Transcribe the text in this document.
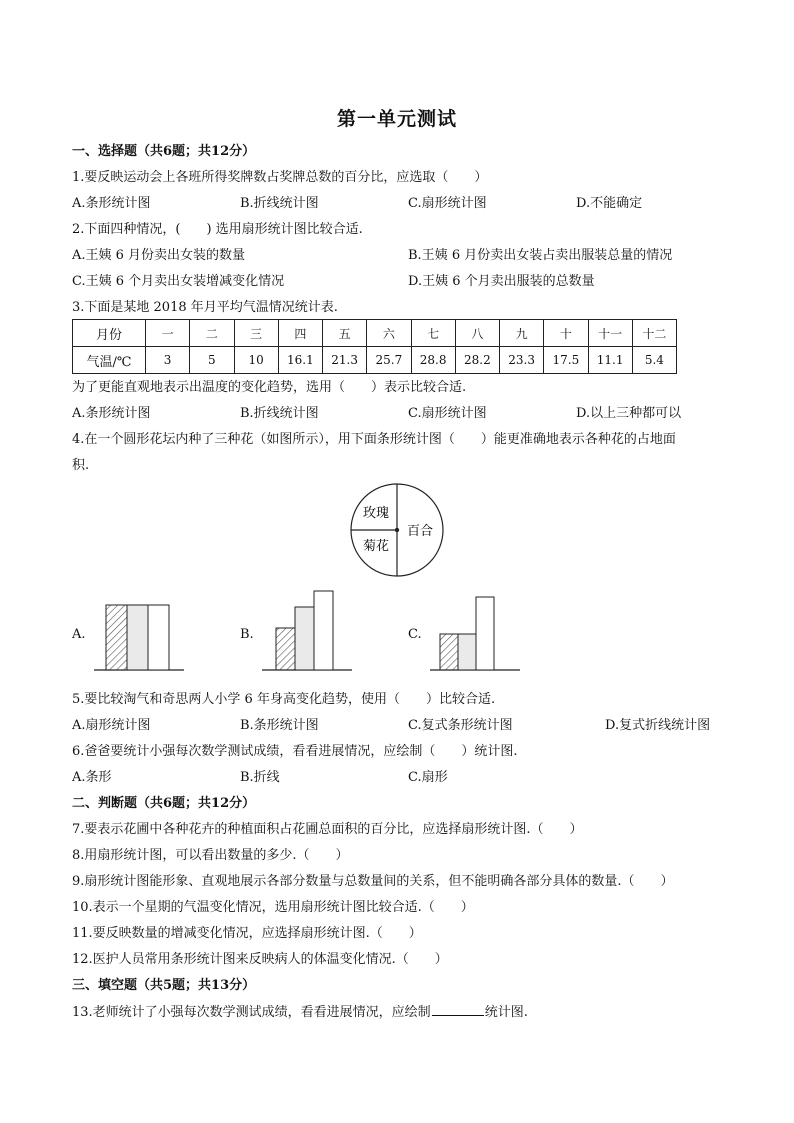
第一单元测试
一、选择题（共6题；共12分）
1.要反映运动会上各班所得奖牌数占奖牌总数的百分比，应选取（　　）
A.条形统计图	B.折线统计图	C.扇形统计图	D.不能确定
2.下面四种情况，(　　) 选用扇形统计图比较合适.
A.王姨 6 月份卖出女装的数量	B.王姨 6 月份卖出女装占卖出服装总量的情况
C.王姨 6 个月卖出女装增减变化情况	D.王姨 6 个月卖出服装的总数量
3.下面是某地 2018 年月平均气温情况统计表.
月份	一	二	三	四	五	六	七	八	九	十	十一	十二
气温/℃	3	5	10	16.1	21.3	25.7	28.8	28.2	23.3	17.5	11.1	5.4
为了更能直观地表示出温度的变化趋势，选用（　　）表示比较合适.
A.条形统计图	B.折线统计图	C.扇形统计图	D.以上三种都可以
4.在一个圆形花坛内种了三种花（如图所示），用下面条形统计图（　　）能更准确地表示各种花的占地面
积.
玫瑰
菊花
百合
A.	B.	C.
5.要比较淘气和奇思两人小学 6 年身高变化趋势，使用（　　）比较合适.
A.扇形统计图	B.条形统计图	C.复式条形统计图	D.复式折线统计图
6.爸爸要统计小强每次数学测试成绩，看看进展情况，应绘制（　　）统计图.
A.条形	B.折线	C.扇形
二、判断题（共6题；共12分）
7.要表示花圃中各种花卉的种植面积占花圃总面积的百分比，应选择扇形统计图.（　　）
8.用扇形统计图，可以看出数量的多少.（　　）
9.扇形统计图能形象、直观地展示各部分数量与总数量间的关系，但不能明确各部分具体的数量.（　　）
10.表示一个星期的气温变化情况，选用扇形统计图比较合适.（　　）
11.要反映数量的增减变化情况，应选择扇形统计图.（　　）
12.医护人员常用条形统计图来反映病人的体温变化情况.（　　）
三、填空题（共5题；共13分）
13.老师统计了小强每次数学测试成绩，看看进展情况，应绘制	统计图.
